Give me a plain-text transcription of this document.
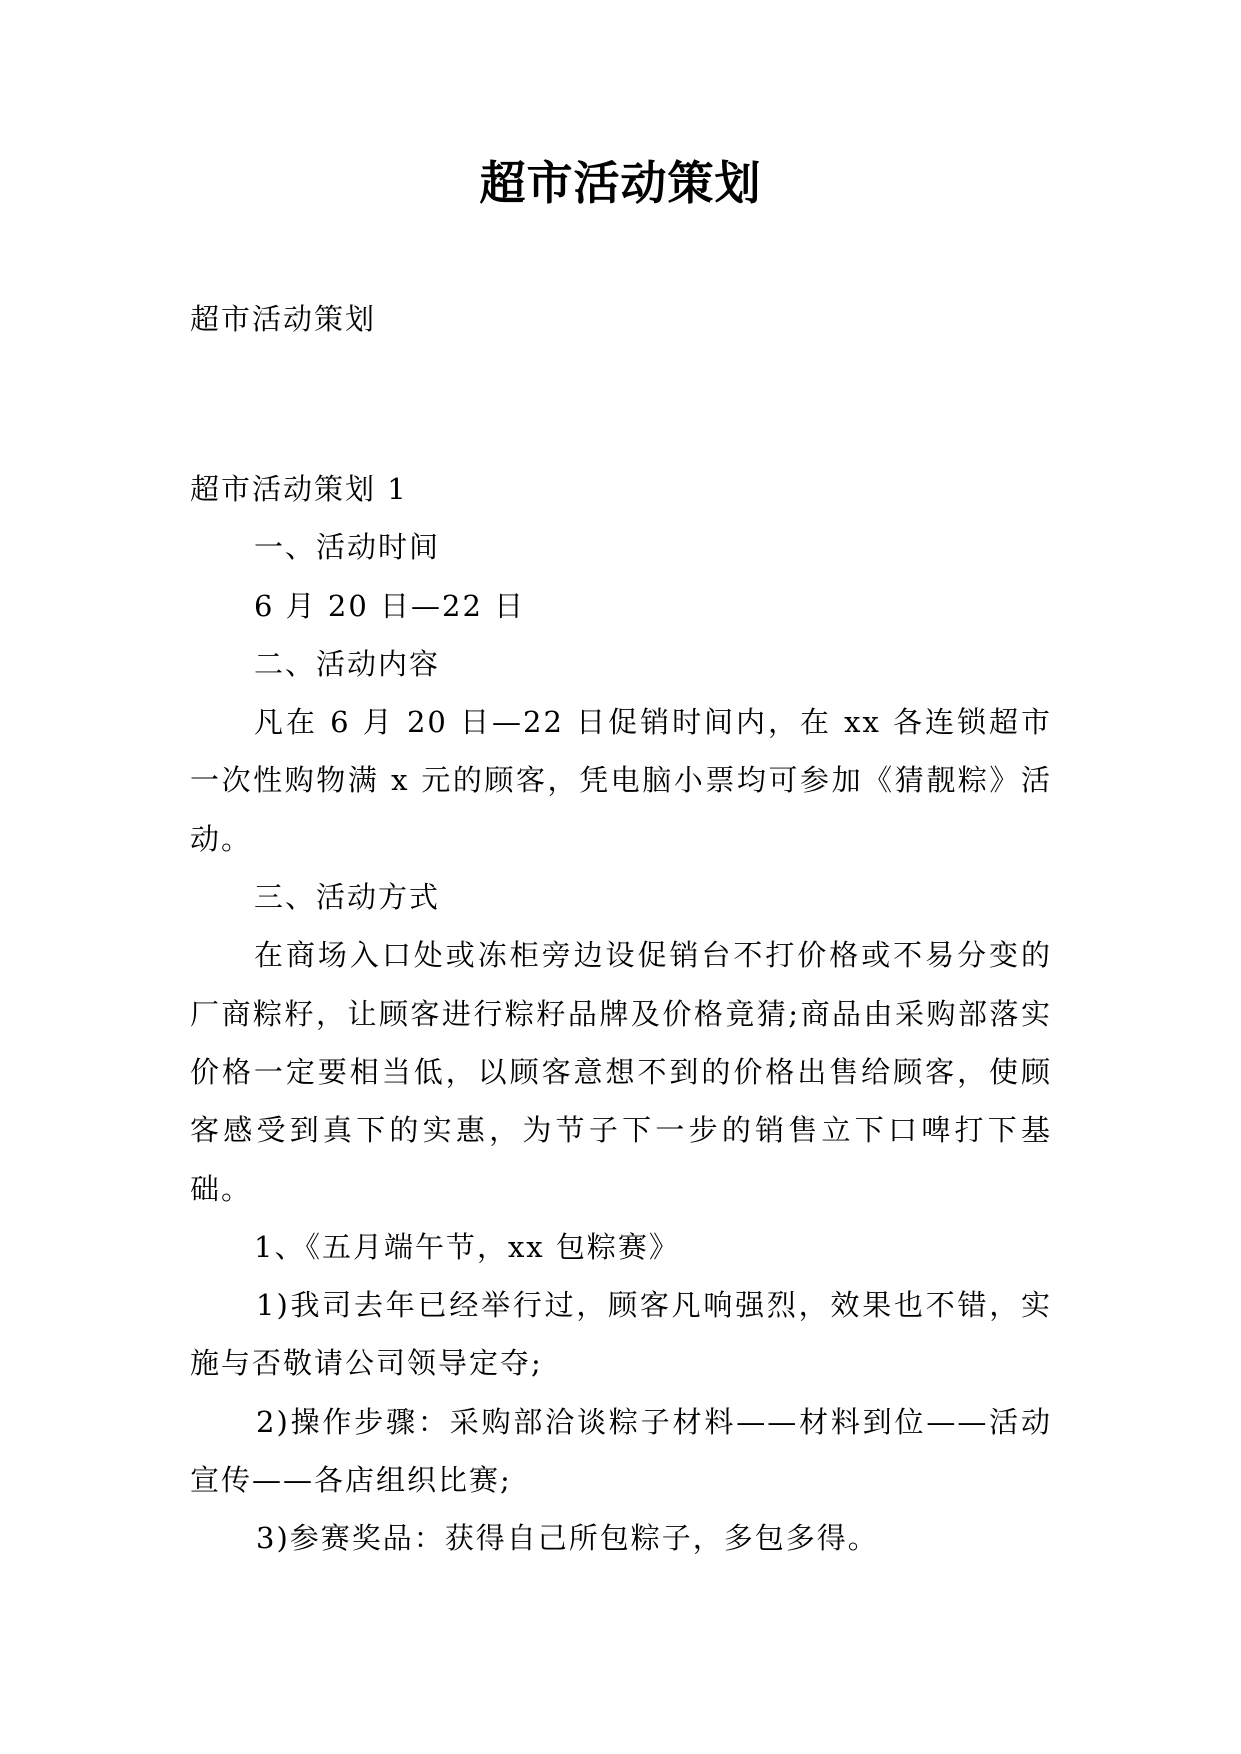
超市活动策划
超市活动策划

超市活动策划 1

一、活动时间

6 月 20 日—22 日

二、活动内容

凡在 6 月 20 日—22 日促销时间内，在 xx 各连锁超市一次性购物满 x 元的顾客，凭电脑小票均可参加《猜靓粽》活动。

三、活动方式

在商场入口处或冻柜旁边设促销台不打价格或不易分变的厂商粽籽，让顾客进行粽籽品牌及价格竟猜;商品由采购部落实价格一定要相当低，以顾客意想不到的价格出售给顾客，使顾客感受到真下的实惠，为节子下一步的销售立下口啤打下基础。

1、《五月端午节，xx 包粽赛》

1)我司去年已经举行过，顾客凡响强烈，效果也不错，实施与否敬请公司领导定夺;

2)操作步骤：采购部洽谈粽子材料——材料到位——活动宣传——各店组织比赛;

3)参赛奖品：获得自己所包粽子，多包多得。
